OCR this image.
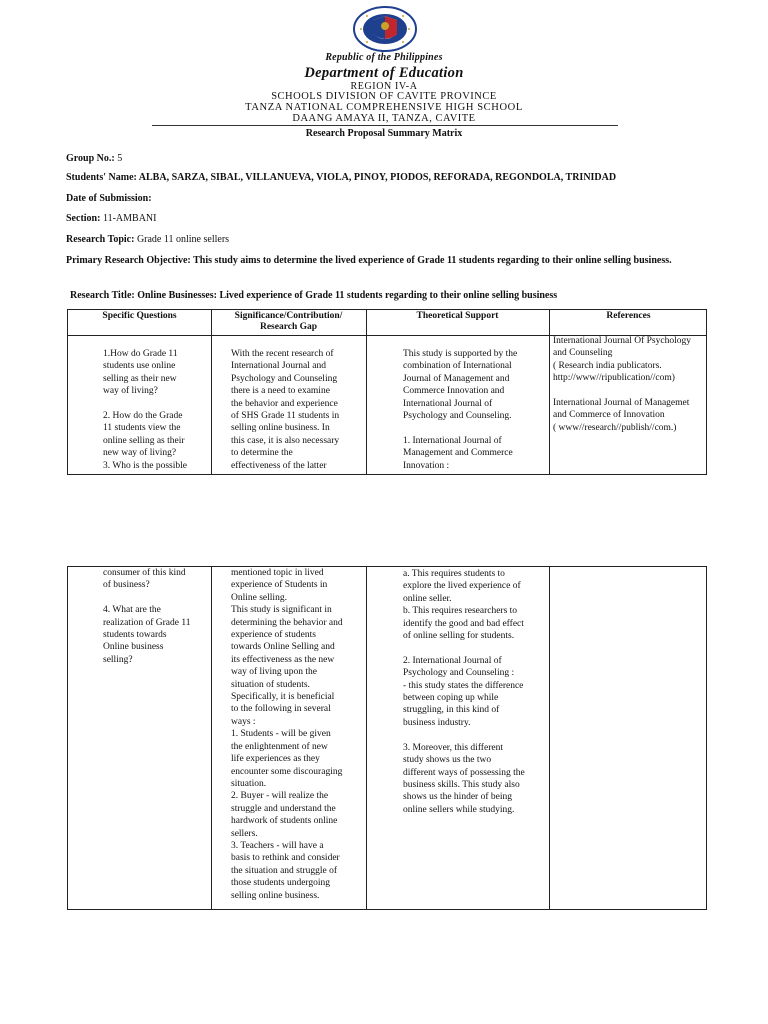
Republic of the Philippines
Department of Education
REGION IV-A
SCHOOLS DIVISION OF CAVITE PROVINCE
TANZA NATIONAL COMPREHENSIVE HIGH SCHOOL
DAANG AMAYA II, TANZA, CAVITE
Research Proposal Summary Matrix
Group No.: 5
Students' Name: ALBA, SARZA, SIBAL, VILLANUEVA, VIOLA, PINOY, PIODOS, REFORADA, REGONDOLA, TRINIDAD
Date of Submission:
Section: 11-AMBANI
Research Topic: Grade 11 online sellers
Primary Research Objective: This study aims to determine the lived experience of Grade 11 students regarding to their online selling business.
Research Title: Online Businesses: Lived experience of Grade 11 students regarding to their online selling business
Specific Questions	Significance/Contribution/
Research Gap
Theoretical Support	References
1.How do Grade 11
students use online
selling as their new
way of living?

2. How do the Grade
11 students view the
online selling as their
new way of living?
3. Who is the possible
With the recent research of
International Journal and
Psychology and Counseling
there is a need to examine
the behavior and experience
of SHS Grade 11 students in
selling online business. In
this case, it is also necessary
to determine the
effectiveness of the latter
This study is supported by the
combination of International
Journal of Management and
Commerce Innovation and
International Journal of
Psychology and Counseling.

1. International Journal of
Management and Commerce
Innovation :
International Journal Of Psychology
and Counseling
( Research india publicators.
http://www//ripublication//com)

International Journal of Managemet
and Commerce of Innovation
( www//research//publish//com.)
consumer of this kind
of business?

4. What are the
realization of Grade 11
students towards
Online business
selling?
mentioned topic in lived
experience of Students in
Online selling.
This study is significant in
determining the behavior and
experience of students
towards Online Selling and
its effectiveness as the new
way of living upon the
situation of students.
Specifically, it is beneficial
to the following in several
ways :
1. Students - will be given
the enlightenment of new
life experiences as they
encounter some discouraging
situation.
2. Buyer - will realize the
struggle and understand the
hardwork of students online
sellers.
3. Teachers - will have a
basis to rethink and consider
the situation and struggle of
those students undergoing
selling online business.
a. This requires students to
explore the lived experience of
online seller.
b. This requires researchers to
identify the good and bad effect
of online selling for students.

2. International Journal of
Psychology and Counseling :
- this study states the difference
between coping up while
struggling, in this kind of
business industry.

3. Moreover, this different
study shows us the two
different ways of possessing the
business skills. This study also
shows us the hinder of being
online sellers while studying.
